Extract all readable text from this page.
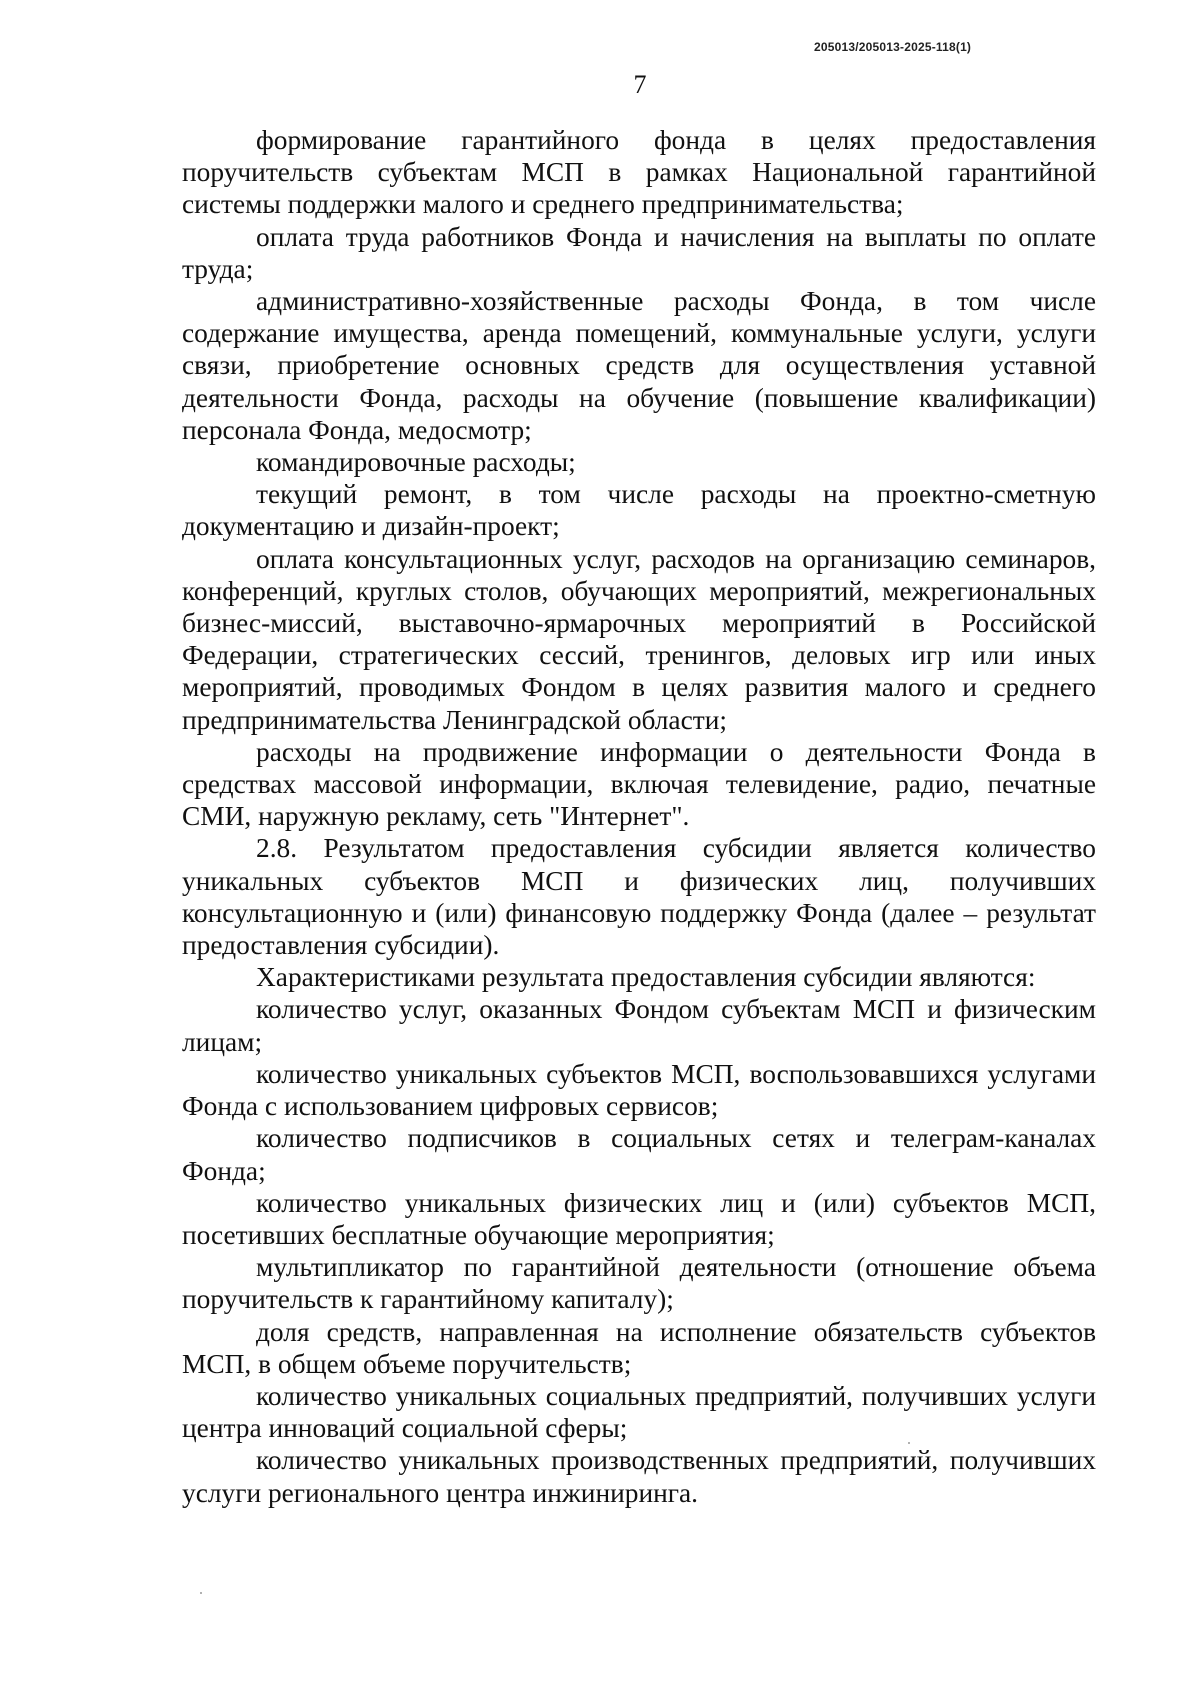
205013/205013-2025-118(1)
7

формирование гарантийного фонда в целях предоставления поручительств субъектам МСП в рамках Национальной гарантийной системы поддержки малого и среднего предпринимательства;

оплата труда работников Фонда и начисления на выплаты по оплате труда;

административно-хозяйственные расходы Фонда, в том числе содержание имущества, аренда помещений, коммунальные услуги, услуги связи, приобретение основных средств для осуществления уставной деятельности Фонда, расходы на обучение (повышение квалификации) персонала Фонда, медосмотр;

командировочные расходы;

текущий ремонт, в том числе расходы на проектно-сметную документацию и дизайн-проект;

оплата консультационных услуг, расходов на организацию семинаров, конференций, круглых столов, обучающих мероприятий, межрегиональных бизнес-миссий, выставочно-ярмарочных мероприятий в Российской Федерации, стратегических сессий, тренингов, деловых игр или иных мероприятий, проводимых Фондом в целях развития малого и среднего предпринимательства Ленинградской области;

расходы на продвижение информации о деятельности Фонда в средствах массовой информации, включая телевидение, радио, печатные СМИ, наружную рекламу, сеть "Интернет".

2.8. Результатом предоставления субсидии является количество уникальных субъектов МСП и физических лиц, получивших консультационную и (или) финансовую поддержку Фонда (далее – результат предоставления субсидии).

Характеристиками результата предоставления субсидии являются:

количество услуг, оказанных Фондом субъектам МСП и физическим лицам;

количество уникальных субъектов МСП, воспользовавшихся услугами Фонда с использованием цифровых сервисов;

количество подписчиков в социальных сетях и телеграм-каналах Фонда;

количество уникальных физических лиц и (или) субъектов МСП, посетивших бесплатные обучающие мероприятия;

мультипликатор по гарантийной деятельности (отношение объема поручительств к гарантийному капиталу);

доля средств, направленная на исполнение обязательств субъектов МСП, в общем объеме поручительств;

количество уникальных социальных предприятий, получивших услуги центра инноваций социальной сферы;

количество уникальных производственных предприятий, получивших услуги регионального центра инжиниринга.
